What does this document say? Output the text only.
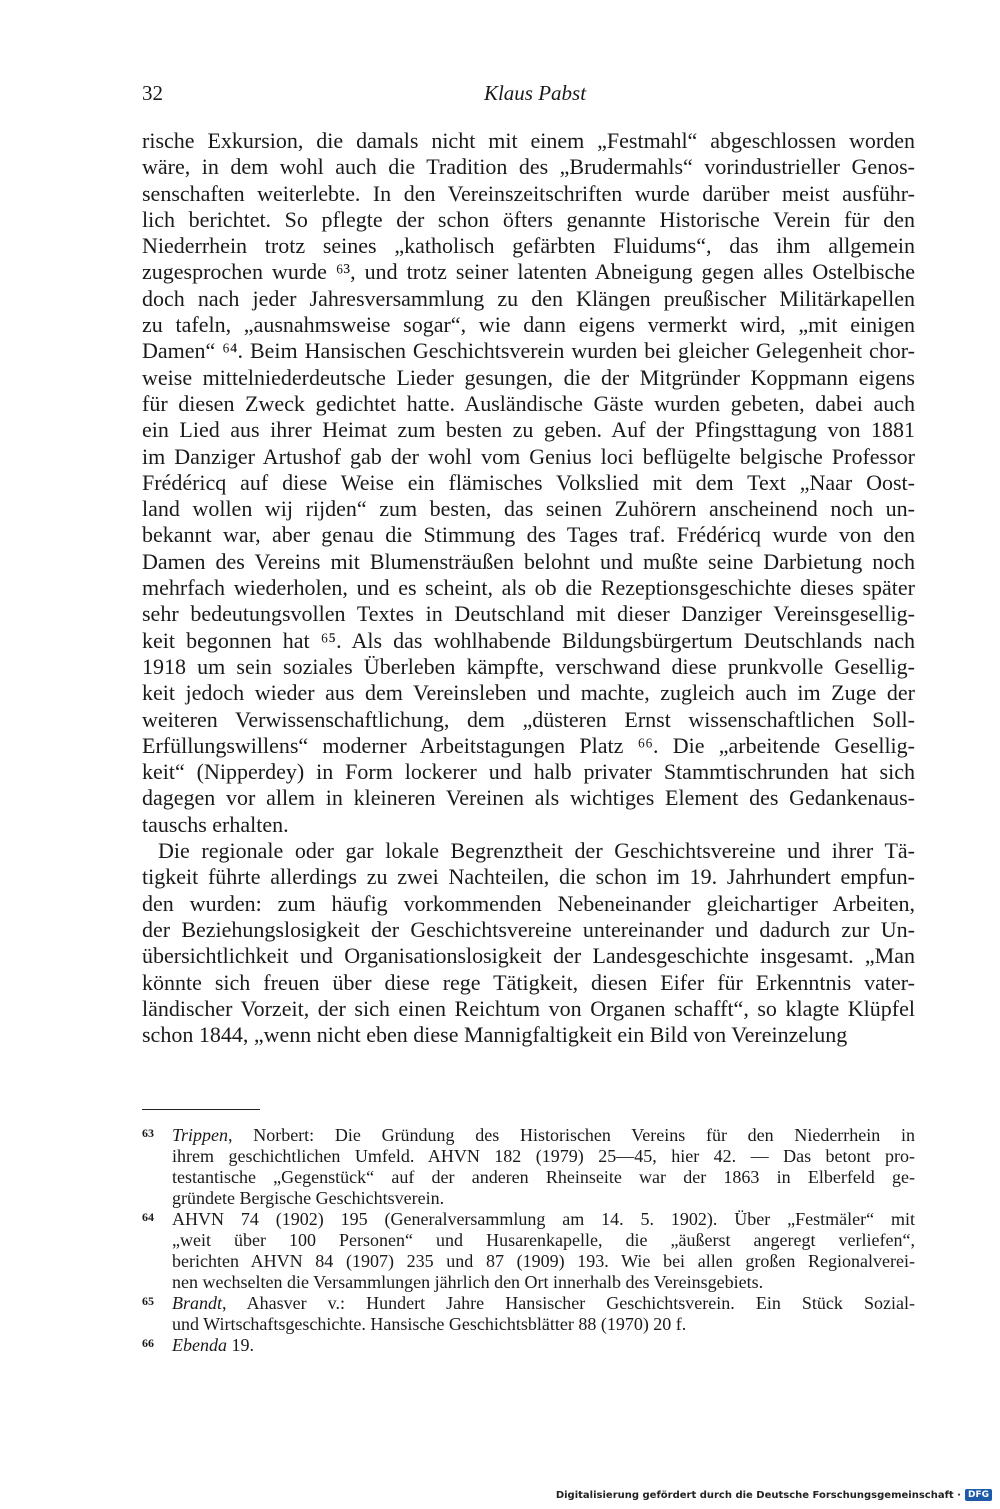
32	Klaus Pabst
rische Exkursion, die damals nicht mit einem „Festmahl“ abgeschlossen worden
wäre, in dem wohl auch die Tradition des „Brudermahls“ vorindustrieller Genos-
senschaften weiterlebte. In den Vereinszeitschriften wurde darüber meist ausführ-
lich berichtet. So pflegte der schon öfters genannte Historische Verein für den
Niederrhein trotz seines „katholisch gefärbten Fluidums“, das ihm allgemein
zugesprochen wurde ⁶³, und trotz seiner latenten Abneigung gegen alles Ostelbische
doch nach jeder Jahresversammlung zu den Klängen preußischer Militärkapellen
zu tafeln, „ausnahmsweise sogar“, wie dann eigens vermerkt wird, „mit einigen
Damen“ ⁶⁴. Beim Hansischen Geschichtsverein wurden bei gleicher Gelegenheit chor-
weise mittelniederdeutsche Lieder gesungen, die der Mitgründer Koppmann eigens
für diesen Zweck gedichtet hatte. Ausländische Gäste wurden gebeten, dabei auch
ein Lied aus ihrer Heimat zum besten zu geben. Auf der Pfingsttagung von 1881
im Danziger Artushof gab der wohl vom Genius loci beflügelte belgische Professor
Frédéricq auf diese Weise ein flämisches Volkslied mit dem Text „Naar Oost-
land wollen wij rijden“ zum besten, das seinen Zuhörern anscheinend noch un-
bekannt war, aber genau die Stimmung des Tages traf. Frédéricq wurde von den
Damen des Vereins mit Blumensträußen belohnt und mußte seine Darbietung noch
mehrfach wiederholen, und es scheint, als ob die Rezeptionsgeschichte dieses später
sehr bedeutungsvollen Textes in Deutschland mit dieser Danziger Vereinsgesellig-
keit begonnen hat ⁶⁵. Als das wohlhabende Bildungsbürgertum Deutschlands nach
1918 um sein soziales Überleben kämpfte, verschwand diese prunkvolle Gesellig-
keit jedoch wieder aus dem Vereinsleben und machte, zugleich auch im Zuge der
weiteren Verwissenschaftlichung, dem „düsteren Ernst wissenschaftlichen Soll-
Erfüllungswillens“ moderner Arbeitstagungen Platz ⁶⁶. Die „arbeitende Gesellig-
keit“ (Nipperdey) in Form lockerer und halb privater Stammtischrunden hat sich
dagegen vor allem in kleineren Vereinen als wichtiges Element des Gedankenaus-
tauschs erhalten.
Die regionale oder gar lokale Begrenztheit der Geschichtsvereine und ihrer Tä-
tigkeit führte allerdings zu zwei Nachteilen, die schon im 19. Jahrhundert empfun-
den wurden: zum häufig vorkommenden Nebeneinander gleichartiger Arbeiten,
der Beziehungslosigkeit der Geschichtsvereine untereinander und dadurch zur Un-
übersichtlichkeit und Organisationslosigkeit der Landesgeschichte insgesamt. „Man
könnte sich freuen über diese rege Tätigkeit, diesen Eifer für Erkenntnis vater-
ländischer Vorzeit, der sich einen Reichtum von Organen schafft“, so klagte Klüpfel
schon 1844, „wenn nicht eben diese Mannigfaltigkeit ein Bild von Vereinzelung
63	Trippen, Norbert: Die Gründung des Historischen Vereins für den Niederrhein in
ihrem geschichtlichen Umfeld. AHVN 182 (1979) 25—45, hier 42. — Das betont pro-
testantische „Gegenstück“ auf der anderen Rheinseite war der 1863 in Elberfeld ge-
gründete Bergische Geschichtsverein.
64	AHVN 74 (1902) 195 (Generalversammlung am 14. 5. 1902). Über „Festmäler“ mit
„weit über 100 Personen“ und Husarenkapelle, die „äußerst angeregt verliefen“,
berichten AHVN 84 (1907) 235 und 87 (1909) 193. Wie bei allen großen Regionalverei-
nen wechselten die Versammlungen jährlich den Ort innerhalb des Vereinsgebiets.
65	Brandt, Ahasver v.: Hundert Jahre Hansischer Geschichtsverein. Ein Stück Sozial-
und Wirtschaftsgeschichte. Hansische Geschichtsblätter 88 (1970) 20 f.
66	Ebenda 19.
Digitalisierung gefördert durch die Deutsche Forschungsgemeinschaft · DFG
